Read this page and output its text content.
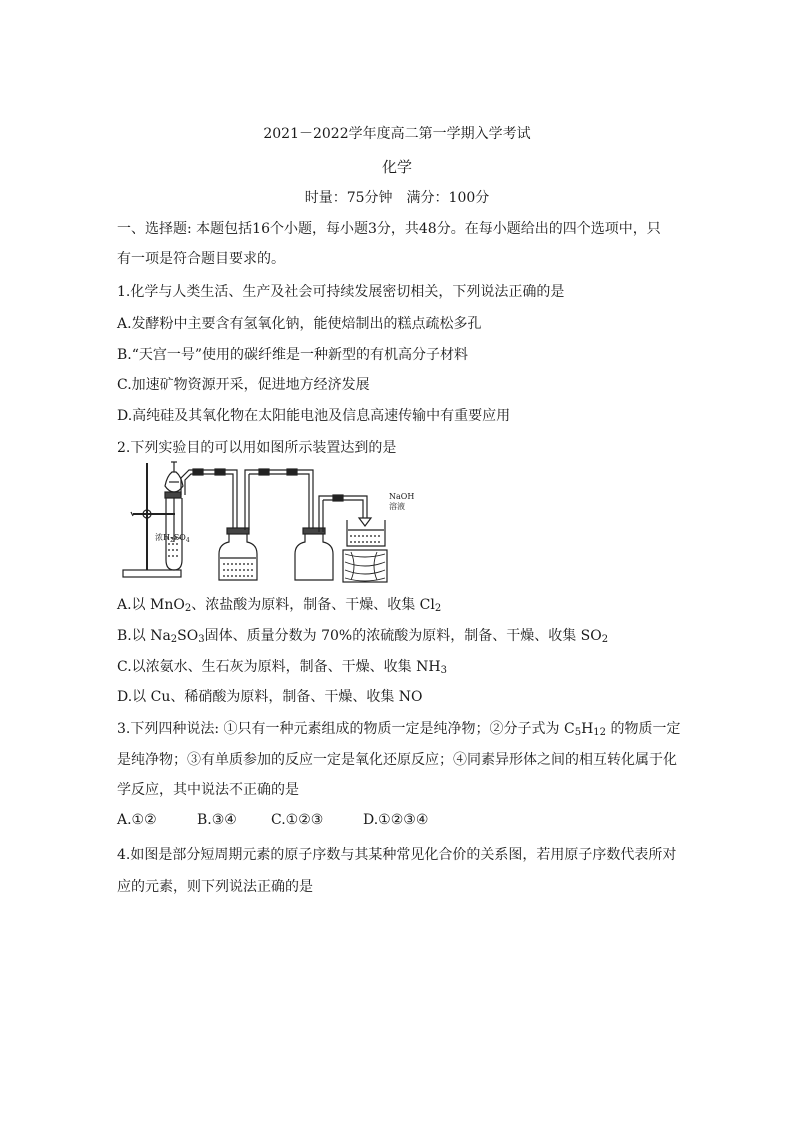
2021－2022学年度高二第一学期入学考试
化学
时量：75分钟　满分：100分
一、选择题: 本题包括16个小题，每小题3分，共48分。在每小题给出的四个选项中，只
有一项是符合题目要求的。
1.化学与人类生活、生产及社会可持续发展密切相关，下列说法正确的是
A.发酵粉中主要含有氢氧化钠，能使焙制出的糕点疏松多孔
B.“天宫一号”使用的碳纤维是一种新型的有机高分子材料
C.加速矿物资源开采，促进地方经济发展
D.高纯硅及其氧化物在太阳能电池及信息高速传输中有重要应用
2.下列实验目的可以用如图所示装置达到的是
浓$H_2SO_4$
NaOH
溶液
A.以 MnO$_2$、浓盐酸为原料，制备、干燥、收集 $Cl_2$
B.以 $Na_2SO_3$固体、质量分数为 70%的浓硫酸为原料，制备、干燥、收集 $SO_2$
C.以浓氨水、生石灰为原料，制备、干燥、收集 $NH_3$
D.以 Cu、稀硝酸为原料，制备、干燥、收集 NO
3.下列四种说法: ①只有一种元素组成的物质一定是纯净物；②分子式为 $C_5H_{12}$ 的物质一定
是纯净物；③有单质参加的反应一定是氧化还原反应；④同素异形体之间的相互转化属于化
学反应，其中说法不正确的是
A.①②	B.③④ C.①②③	D.①②③④
4.如图是部分短周期元素的原子序数与其某种常见化合价的关系图，若用原子序数代表所对
应的元素，则下列说法正确的是
